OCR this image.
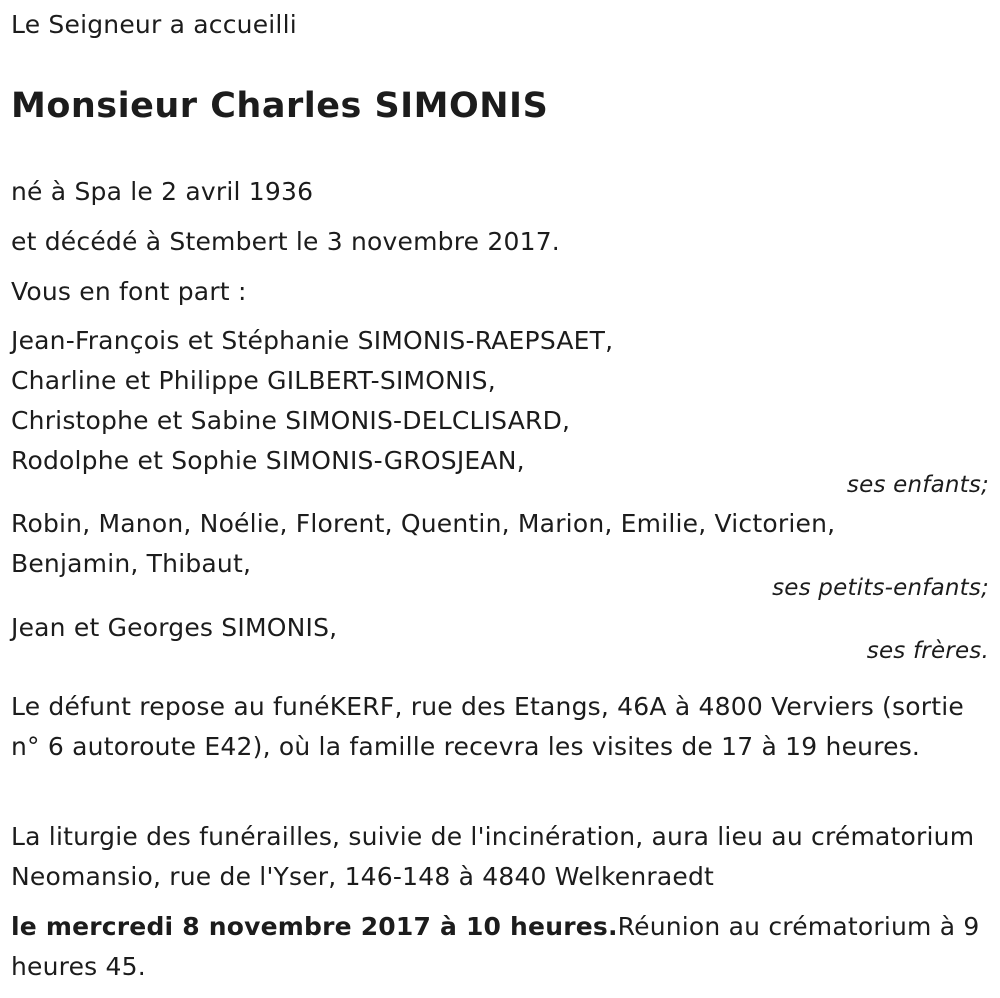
Le Seigneur a accueilli
Monsieur Charles SIMONIS
né à Spa le 2 avril 1936
et décédé à Stembert le 3 novembre 2017.
Vous en font part :
Jean-François et Stéphanie SIMONIS-RAEPSAET,
Charline et Philippe GILBERT-SIMONIS,
Christophe et Sabine SIMONIS-DELCLISARD,
Rodolphe et Sophie SIMONIS-GROSJEAN,
ses enfants;
Robin, Manon, Noélie, Florent, Quentin, Marion, Emilie, Victorien,
Benjamin, Thibaut,
ses petits-enfants;
Jean et Georges SIMONIS,
ses frères.
Le défunt repose au funéKERF, rue des Etangs, 46A à 4800 Verviers (sortie n° 6 autoroute E42), où la famille recevra les visites de 17 à 19 heures.
La liturgie des funérailles, suivie de l'incinération, aura lieu au crématorium Neomansio, rue de l'Yser, 146-148 à 4840 Welkenraedt
le mercredi 8 novembre 2017 à 10 heures.Réunion au crématorium à 9 heures 45.
